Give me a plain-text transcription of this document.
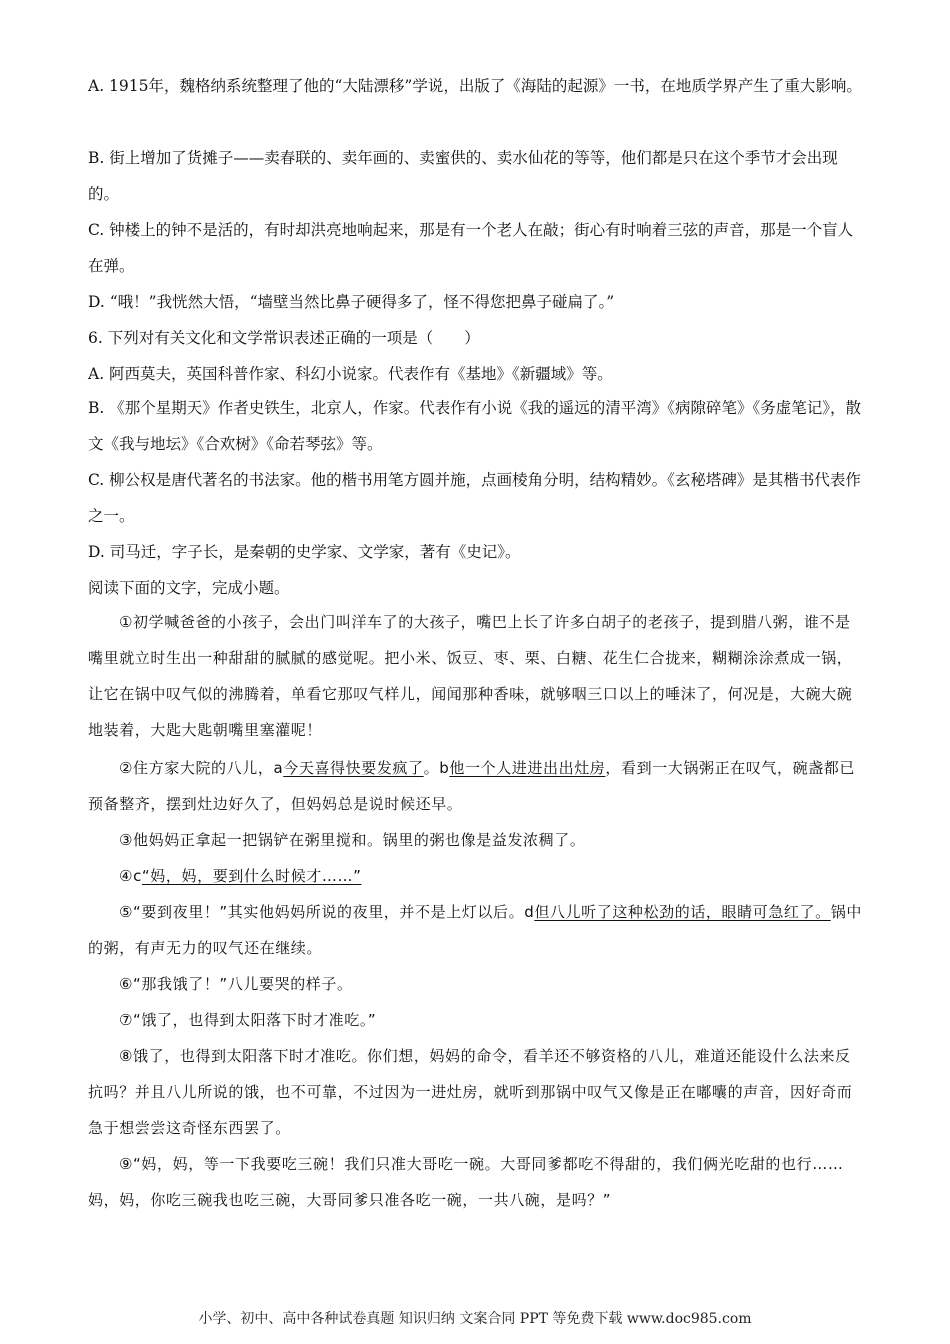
A. 1915年，魏格纳系统整理了他的“大陆漂移”学说，出版了《海陆的起源》一书，在地质学界产生了重大影响。
B. 街上增加了货摊子——卖春联的、卖年画的、卖蜜供的、卖水仙花的等等，他们都是只在这个季节才会出现的。
C. 钟楼上的钟不是活的，有时却洪亮地响起来，那是有一个老人在敲；街心有时响着三弦的声音，那是一个盲人在弹。
D. “哦！”我恍然大悟，“墙壁当然比鼻子硬得多了，怪不得您把鼻子碰扁了。”
6. 下列对有关文化和文学常识表述正确的一项是（　　）
A. 阿西莫夫，英国科普作家、科幻小说家。代表作有《基地》《新疆域》等。
B. 《那个星期天》作者史铁生，北京人，作家。代表作有小说《我的遥远的清平湾》《病隙碎笔》《务虚笔记》，散文《我与地坛》《合欢树》《命若琴弦》等。
C. 柳公权是唐代著名的书法家。他的楷书用笔方圆并施，点画棱角分明，结构精妙。《玄秘塔碑》是其楷书代表作之一。
D. 司马迁，字子长，是秦朝的史学家、文学家，著有《史记》。
阅读下面的文字，完成小题。
①初学喊爸爸的小孩子，会出门叫洋车了的大孩子，嘴巴上长了许多白胡子的老孩子，提到腊八粥，谁不是嘴里就立时生出一种甜甜的腻腻的感觉呢。把小米、饭豆、枣、栗、白糖、花生仁合拢来，糊糊涂涂煮成一锅，让它在锅中叹气似的沸腾着，单看它那叹气样儿，闻闻那种香味，就够咽三口以上的唾沫了，何况是，大碗大碗地装着，大匙大匙朝嘴里塞灌呢！
②住方家大院的八儿，a今天喜得快要发疯了。b他一个人进进出出灶房，看到一大锅粥正在叹气，碗盏都已预备整齐，摆到灶边好久了，但妈妈总是说时候还早。
③他妈妈正拿起一把锅铲在粥里搅和。锅里的粥也像是益发浓稠了。
④c“妈，妈，要到什么时候才……”
⑤“要到夜里！”其实他妈妈所说的夜里，并不是上灯以后。d但八儿听了这种松劲的话，眼睛可急红了。锅中的粥，有声无力的叹气还在继续。
⑥“那我饿了！”八儿要哭的样子。
⑦“饿了，也得到太阳落下时才准吃。”
⑧饿了，也得到太阳落下时才准吃。你们想，妈妈的命令，看羊还不够资格的八儿，难道还能设什么法来反抗吗？并且八儿所说的饿，也不可靠，不过因为一进灶房，就听到那锅中叹气又像是正在嘟囔的声音，因好奇而急于想尝尝这奇怪东西罢了。
⑨“妈，妈，等一下我要吃三碗！我们只准大哥吃一碗。大哥同爹都吃不得甜的，我们俩光吃甜的也行……妈，妈，你吃三碗我也吃三碗，大哥同爹只准各吃一碗，一共八碗，是吗？”
小学、初中、高中各种试卷真题 知识归纳 文案合同 PPT 等免费下载 www.doc985.com
